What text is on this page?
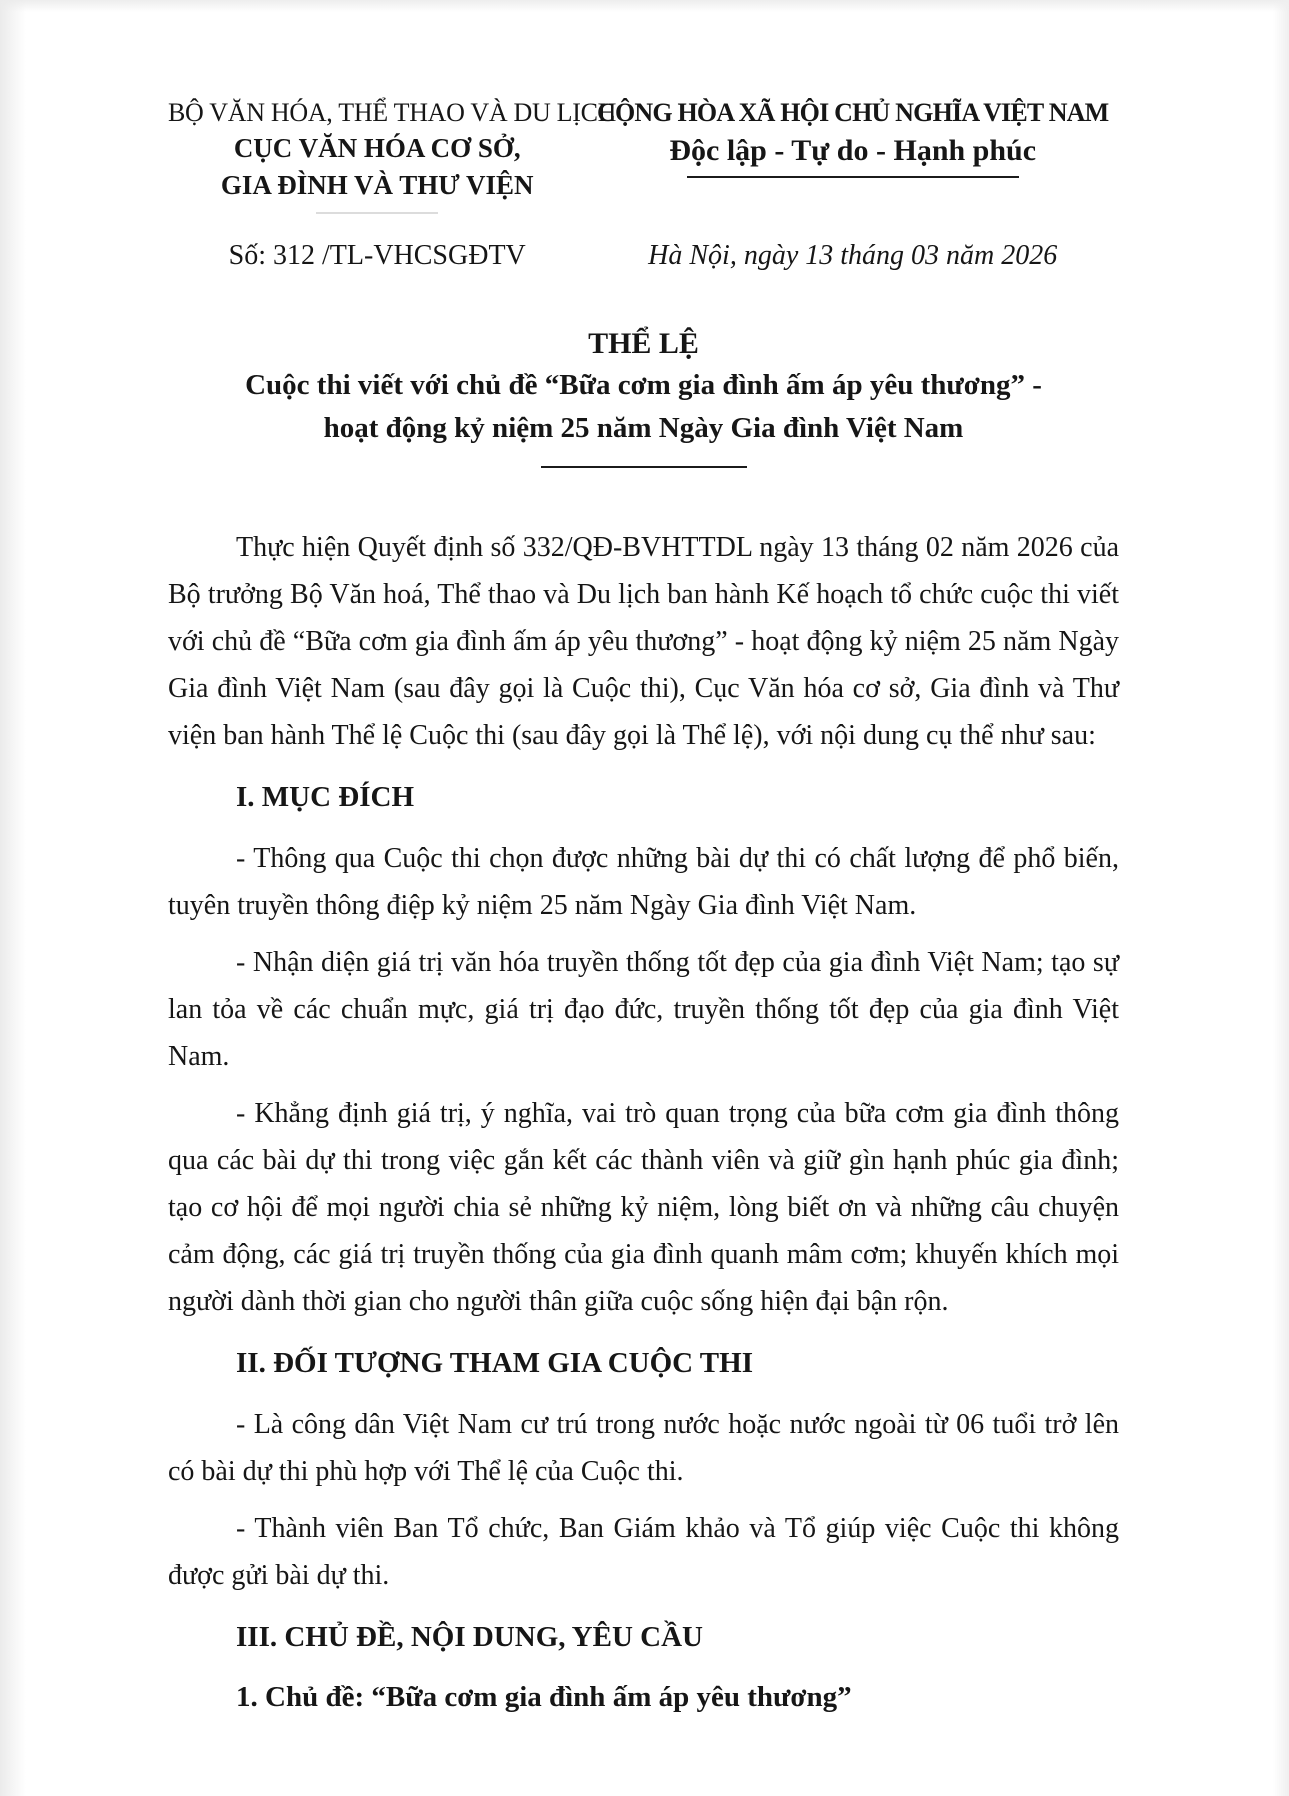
BỘ VĂN HÓA, THỂ THAO VÀ DU LỊCH
CỤC VĂN HÓA CƠ SỞ,
GIA ĐÌNH VÀ THƯ VIỆN
CỘNG HÒA XÃ HỘI CHỦ NGHĨA VIỆT NAM
Độc lập - Tự do - Hạnh phúc
Số: 312 /TL-VHCSGĐTV	Hà Nội, ngày 13 tháng 03 năm 2026
THỂ LỆ
Cuộc thi viết với chủ đề “Bữa cơm gia đình ấm áp yêu thương” -
hoạt động kỷ niệm 25 năm Ngày Gia đình Việt Nam

Thực hiện Quyết định số 332/QĐ-BVHTTDL ngày 13 tháng 02 năm 2026 của Bộ trưởng Bộ Văn hoá, Thể thao và Du lịch ban hành Kế hoạch tổ chức cuộc thi viết với chủ đề “Bữa cơm gia đình ấm áp yêu thương” - hoạt động kỷ niệm 25 năm Ngày Gia đình Việt Nam (sau đây gọi là Cuộc thi), Cục Văn hóa cơ sở, Gia đình và Thư viện ban hành Thể lệ Cuộc thi (sau đây gọi là Thể lệ), với nội dung cụ thể như sau:

I. MỤC ĐÍCH

- Thông qua Cuộc thi chọn được những bài dự thi có chất lượng để phổ biến, tuyên truyền thông điệp kỷ niệm 25 năm Ngày Gia đình Việt Nam.

- Nhận diện giá trị văn hóa truyền thống tốt đẹp của gia đình Việt Nam; tạo sự lan tỏa về các chuẩn mực, giá trị đạo đức, truyền thống tốt đẹp của gia đình Việt Nam.

- Khẳng định giá trị, ý nghĩa, vai trò quan trọng của bữa cơm gia đình thông qua các bài dự thi trong việc gắn kết các thành viên và giữ gìn hạnh phúc gia đình; tạo cơ hội để mọi người chia sẻ những kỷ niệm, lòng biết ơn và những câu chuyện cảm động, các giá trị truyền thống của gia đình quanh mâm cơm; khuyến khích mọi người dành thời gian cho người thân giữa cuộc sống hiện đại bận rộn.

II. ĐỐI TƯỢNG THAM GIA CUỘC THI

- Là công dân Việt Nam cư trú trong nước hoặc nước ngoài từ 06 tuổi trở lên có bài dự thi phù hợp với Thể lệ của Cuộc thi.

- Thành viên Ban Tổ chức, Ban Giám khảo và Tổ giúp việc Cuộc thi không được gửi bài dự thi.

III. CHỦ ĐỀ, NỘI DUNG, YÊU CẦU
1. Chủ đề: “Bữa cơm gia đình ấm áp yêu thương”
